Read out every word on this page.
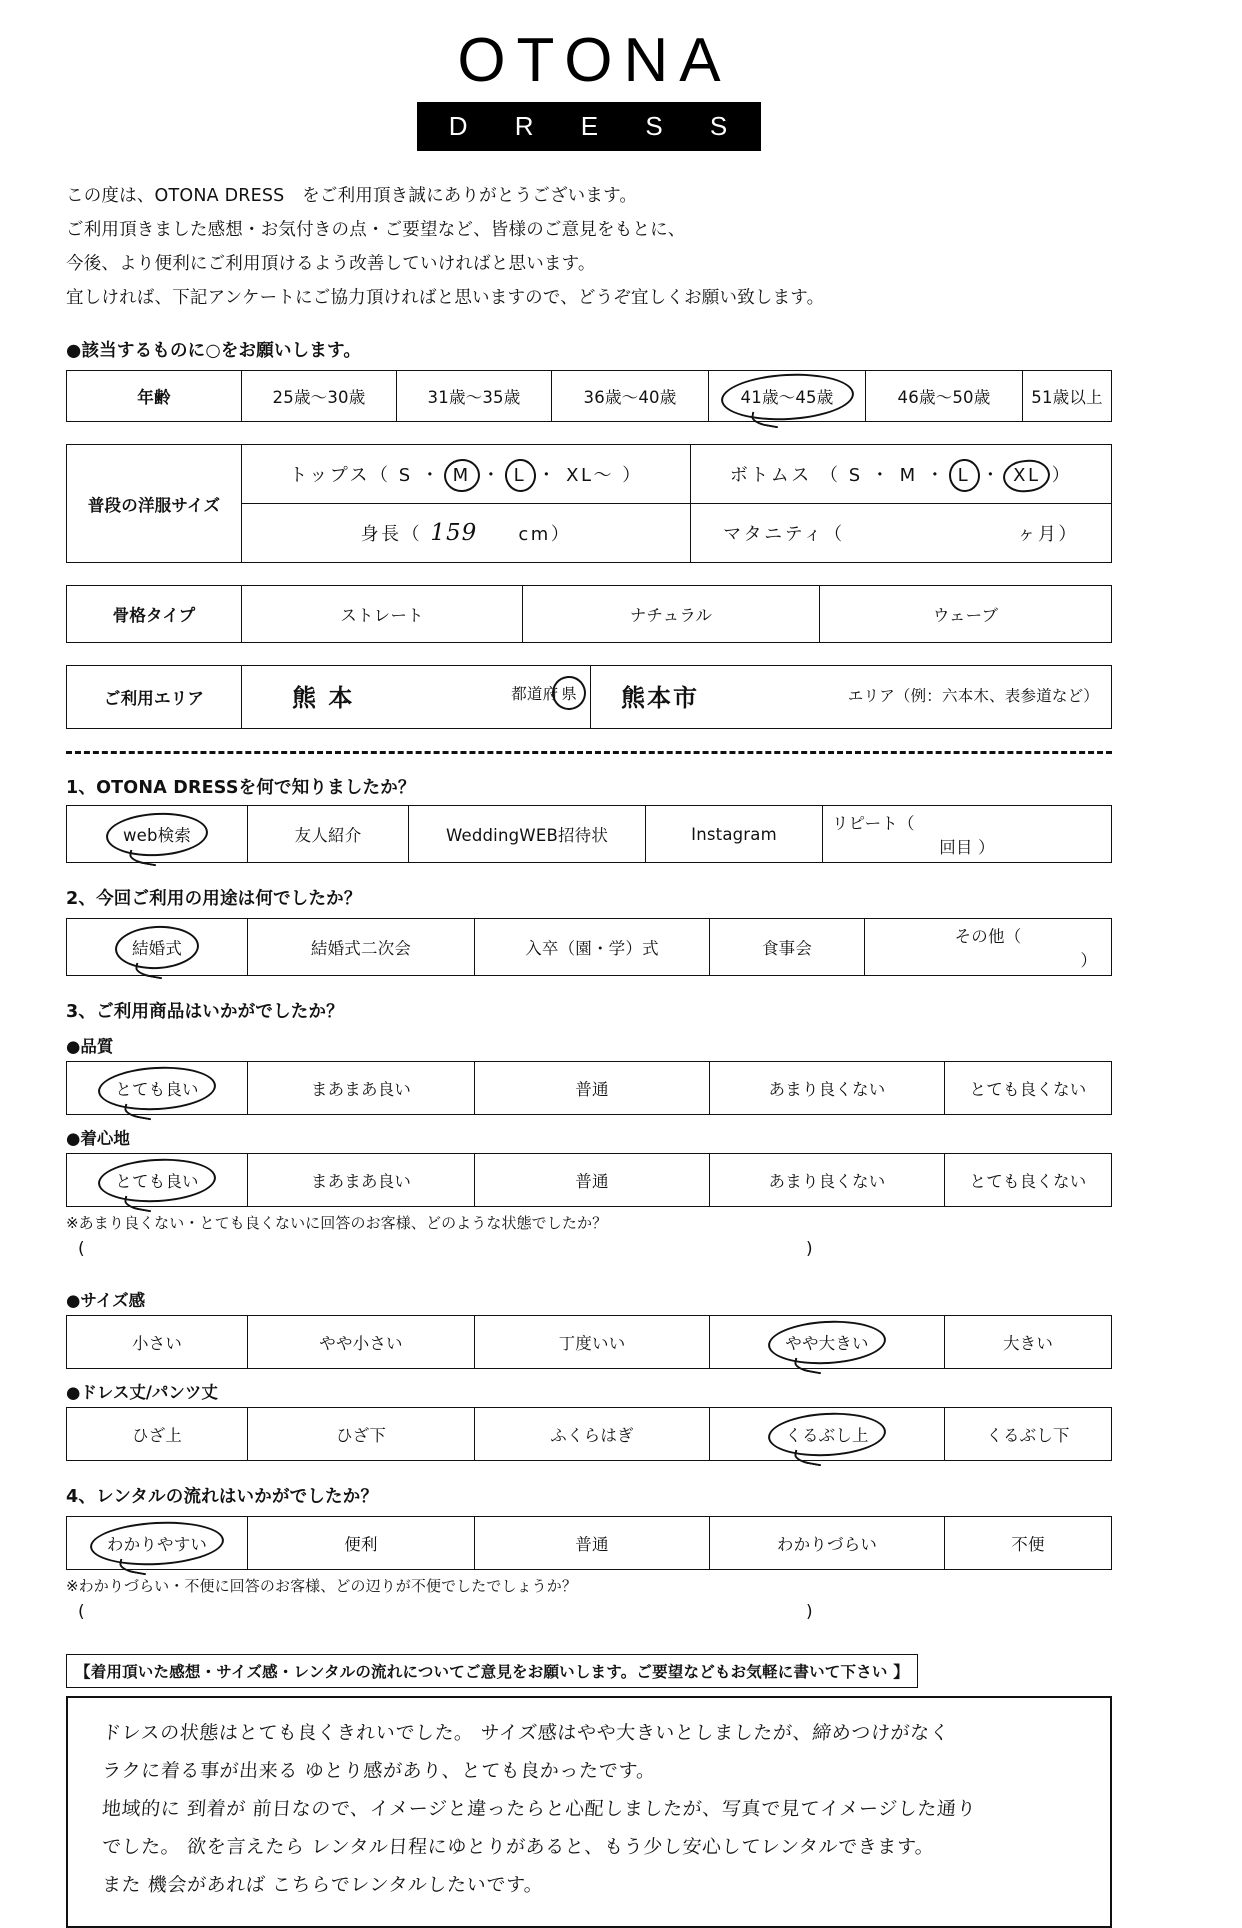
OTONA
D R E S S
この度は、OTONA DRESS　をご利用頂き誠にありがとうございます。
ご利用頂きました感想・お気付きの点・ご要望など、皆様のご意見をもとに、
今後、より便利にご利用頂けるよう改善していければと思います。
宜しければ、下記アンケートにご協力頂ければと思いますので、どうぞ宜しくお願い致します。
●該当するものに○をお願いします。
年齢	25歳～30歳	31歳～35歳	36歳～40歳	41歳～45歳	46歳～50歳	51歳以上
普段の洋服サイズ	トップス（ S ・ M ・ L ・ XL～ ）	ボトムス （ S ・ M ・ L ・ XL ）
	身長（ 159 cm）	マタニティ（ ヶ月）
骨格タイプ	ストレート	ナチュラル	ウェーブ
ご利用エリア	熊 本	都道府 県	熊本市	エリア（例：六本木、表参道など）
1、OTONA DRESSを何で知りましたか？
web検索	友人紹介	WeddingWEB招待状	Instagram	リピート（  回目 ）
2、今回ご利用の用途は何でしたか？
結婚式	結婚式二次会	入卒（園・学）式	食事会	その他（  ）
3、ご利用商品はいかがでしたか？
●品質
とても良い	まあまあ良い	普通	あまり良くない	とても良くない
●着心地
とても良い	まあまあ良い	普通	あまり良くない	とても良くない
※あまり良くない・とても良くないに回答のお客様、どのような状態でしたか？
(	)
●サイズ感
小さい	やや小さい	丁度いい	やや大きい	大きい
●ドレス丈/パンツ丈
ひざ上	ひざ下	ふくらはぎ	くるぶし上	くるぶし下
4、レンタルの流れはいかがでしたか？
わかりやすい	便利	普通	わかりづらい	不便
※わかりづらい・不便に回答のお客様、どの辺りが不便でしたでしょうか？
(	)
【着用頂いた感想・サイズ感・レンタルの流れについてご意見をお願いします。ご要望などもお気軽に書いて下さい 】
ドレスの状態はとても良くきれいでした。 サイズ感はやや大きいとしましたが、締めつけがなく
ラクに着る事が出来る ゆとり感があり、とても良かったです。
地域的に 到着が 前日なので、イメージと違ったらと心配しましたが、写真で見てイメージした通り
でした。 欲を言えたら レンタル日程にゆとりがあると、もう少し安心してレンタルできます。
また 機会があれば こちらでレンタルしたいです。
